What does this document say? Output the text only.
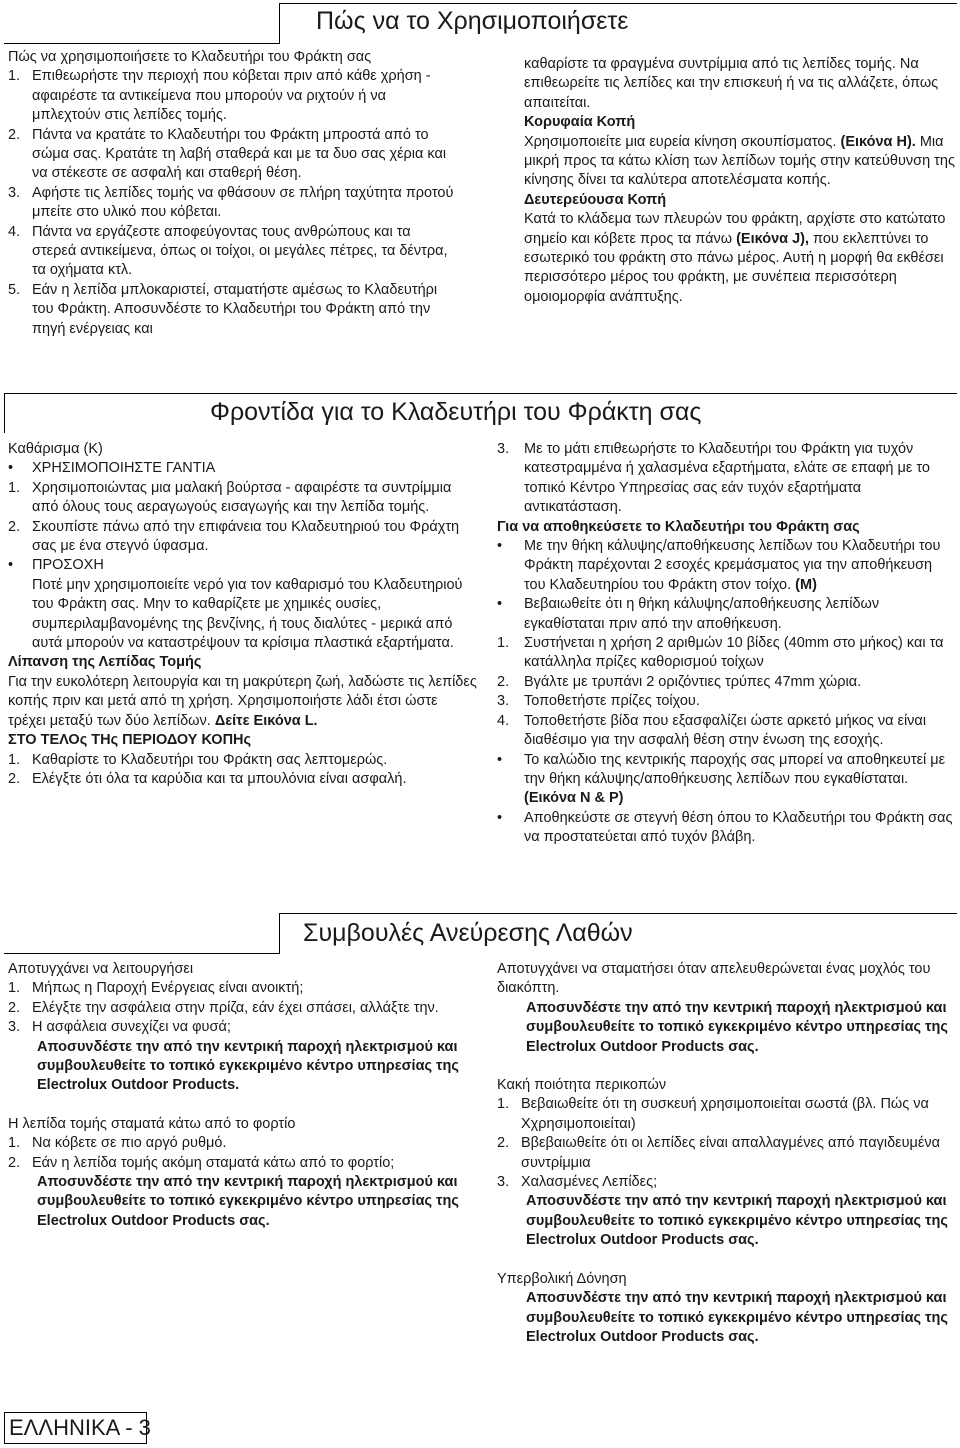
Πώς να το Χρησιμοποιήσετε

Πώς να χρησιμοποιήσετε το Κλαδευτήρι του Φράκτη σας

1. Επιθεωρήστε την περιοχή που κόβεται πριν από κάθε χρήση - αφαιρέστε τα αντικείμενα που μπορούν να ριχτούν ή να μπλεχτούν στις λεπίδες τομής.
2. Πάντα να κρατάτε το Κλαδευτήρι του Φράκτη μπροστά από το σώμα σας. Κρατάτε τη λαβή σταθερά και με τα δυο σας χέρια και να στέκεστε σε ασφαλή και σταθερή θέση.
3. Αφήστε τις λεπίδες τομής να φθάσουν σε πλήρη ταχύτητα προτού μπείτε στο υλικό που κόβεται.
4. Πάντα να εργάζεστε αποφεύγοντας τους ανθρώπους και τα στερεά αντικείμενα, όπως οι τοίχοι, οι μεγάλες πέτρες, τα δέντρα, τα οχήματα κτλ.
5. Εάν η λεπίδα μπλοκαριστεί, σταματήστε αμέσως το Κλαδευτήρι του Φράκτη. Αποσυνδέστε το Κλαδευτήρι του Φράκτη από την πηγή ενέργειας και

καθαρίστε τα φραγμένα συντρίμμια από τις λεπίδες τομής. Να επιθεωρείτε τις λεπίδες και την επισκευή ή να τις αλλάζετε, όπως απαιτείται.

Κορυφαία Κοπή

Χρησιμοποιείτε μια ευρεία κίνηση σκουπίσματος. (Εικόνα H). Μια μικρή προς τα κάτω κλίση των λεπίδων τομής στην κατεύθυνση της κίνησης δίνει τα καλύτερα αποτελέσματα κοπής.

Δευτερεύουσα Κοπή

Κατά το κλάδεμα των πλευρών του φράκτη, αρχίστε στο κατώτατο σημείο και κόβετε προς τα πάνω (Εικόνα J), που εκλεπτύνει το εσωτερικό του φράκτη στο πάνω μέρος. Αυτή η μορφή θα εκθέσει περισσότερο μέρος του φράκτη, με συνέπεια περισσότερη ομοιομορφία ανάπτυξης.

Φροντίδα για το Κλαδευτήρι του Φράκτη σας

Καθάρισμα (K)

• ΧΡΗΣΙΜΟΠΟΙΗΣΤΕ ΓΑΝΤΙΑ
1. Χρησιμοποιώντας μια μαλακή βούρτσα - αφαιρέστε τα συντρίμμια από όλους τους αεραγωγούς εισαγωγής και την λεπίδα τομής.
2. Σκουπίστε πάνω από την επιφάνεια του Κλαδευτηριού του Φράχτη σας με ένα στεγνό ύφασμα.
• ΠΡΟΣΟΧΗ

Ποτέ μην χρησιμοποιείτε νερό για τον καθαρισμό του Κλαδευτηριού του Φράκτη σας. Μην το καθαρίζετε με χημικές ουσίες, συμπεριλαμβανομένης της βενζίνης, ή τους διαλύτες - μερικά από αυτά μπορούν να καταστρέψουν τα κρίσιμα πλαστικά εξαρτήματα.

Λίπανση της Λεπίδας Τομής

Για την ευκολότερη λειτουργία και τη μακρύτερη ζωή, λαδώστε τις λεπίδες κοπής πριν και μετά από τη χρήση. Χρησιμοποιήστε λάδι έτσι ώστε τρέχει μεταξύ των δύο λεπίδων. Δείτε Εικόνα L.

ΣΤΟ ΤΕΛΟς ΤΗς ΠΕΡΙΟΔΟΥ ΚΟΠΗς

1. Καθαρίστε το Κλαδευτήρι του Φράκτη σας λεπτομερώς.
2. Ελέγξτε ότι όλα τα καρύδια και τα μπουλόνια είναι ασφαλή.
3. Με το μάτι επιθεωρήστε το Κλαδευτήρι του Φράκτη για τυχόν κατεστραμμένα ή χαλασμένα εξαρτήματα, ελάτε σε επαφή με το τοπικό Κέντρο Υπηρεσίας σας εάν τυχόν εξαρτήματα αντικατάσταση.

Για να αποθηκεύσετε το Κλαδευτήρι του Φράκτη σας

• Με την θήκη κάλυψης/αποθήκευσης λεπίδων του Κλαδευτήρι του Φράκτη παρέχονται 2 εσοχές κρεμάσματος για την αποθήκευση του Κλαδευτηρίου του Φράκτη στον τοίχο. (M)
• Βεβαιωθείτε ότι η θήκη κάλυψης/αποθήκευσης λεπίδων εγκαθίσταται πριν από την αποθήκευση.
1. Συστήνεται η χρήση 2 αριθμών 10 βίδες (40mm στο μήκος) και τα κατάλληλα πρίζες καθορισμού τοίχων
2. Βγάλτε με τρυπάνι 2 οριζόντιες τρύπες 47mm χώρια.
3. Τοποθετήστε πρίζες τοίχου.
4. Τοποθετήστε βίδα που εξασφαλίζει ώστε αρκετό μήκος να είναι διαθέσιμο για την ασφαλή θέση στην ένωση της εσοχής.
• Το καλώδιο της κεντρικής παροχής σας μπορεί να αποθηκευτεί με την θήκη κάλυψης/αποθήκευσης λεπίδων που εγκαθίσταται. (Εικόνα N & P)
• Αποθηκεύστε σε στεγνή θέση όπου το Κλαδευτήρι του Φράκτη σας να προστατεύεται από τυχόν βλάβη.
Συμβουλές Ανεύρεσης Λαθών

Αποτυγχάνει να λειτουργήσει

1. Μήπως η Παροχή Ενέργειας είναι ανοικτή;
2. Ελέγξτε την ασφάλεια στην πρίζα, εάν έχει σπάσει, αλλάξτε την.
3. Η ασφάλεια συνεχίζει να φυσά;

Αποσυνδέστε την από την κεντρική παροχή ηλεκτρισμού και συμβουλευθείτε το τοπικό εγκεκριμένο κέντρο υπηρεσίας της Electrolux Outdoor Products.

Η λεπίδα τομής σταματά κάτω από το φορτίο

1. Να κόβετε σε πιο αργό ρυθμό.
2. Εάν η λεπίδα τομής ακόμη σταματά κάτω από το φορτίο;

Αποσυνδέστε την από την κεντρική παροχή ηλεκτρισμού και συμβουλευθείτε το τοπικό εγκεκριμένο κέντρο υπηρεσίας της Electrolux Outdoor Products σας.

Αποτυγχάνει να σταματήσει όταν απελευθερώνεται ένας μοχλός του διακόπτη.

Αποσυνδέστε την από την κεντρική παροχή ηλεκτρισμού και συμβουλευθείτε το τοπικό εγκεκριμένο κέντρο υπηρεσίας της Electrolux Outdoor Products σας.

Κακή ποιότητα περικοπών

1. Βεβαιωθείτε ότι τη συσκευή χρησιμοποιείται σωστά (βλ. Πώς να Χχρησιμοποιείται)
2. Ββεβαιωθείτε ότι οι λεπίδες είναι απαλλαγμένες από παγιδευμένα συντρίμμια
3. Χαλασμένες Λεπίδες;

Αποσυνδέστε την από την κεντρική παροχή ηλεκτρισμού και συμβουλευθείτε το τοπικό εγκεκριμένο κέντρο υπηρεσίας της Electrolux Outdoor Products σας.

Υπερβολική Δόνηση

Αποσυνδέστε την από την κεντρική παροχή ηλεκτρισμού και συμβουλευθείτε το τοπικό εγκεκριμένο κέντρο υπηρεσίας της Electrolux Outdoor Products σας.

ΕΛΛΗΝΙΚΑ - 3
